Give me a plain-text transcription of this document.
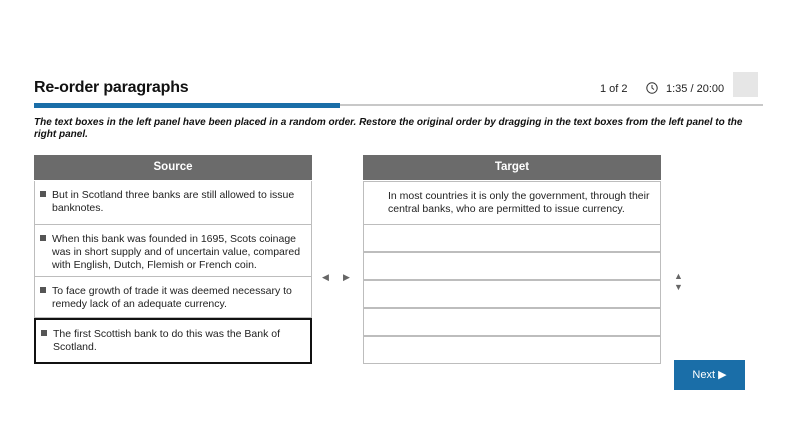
Re-order paragraphs	1 of 2	1:35 / 20:00
The text boxes in the left panel have been placed in a random order. Restore the original order by dragging in the text boxes from the left panel to the right panel.
Source
But in Scotland three banks are still allowed to issue banknotes.
When this bank was founded in 1695, Scots coinage was in short supply and of uncertain value, compared with English, Dutch, Flemish or French coin.
To face growth of trade it was deemed necessary to remedy lack of an adequate currency.
The first Scottish bank to do this was the Bank of Scotland.
◀ ▶
Target
In most countries it is only the government, through their central banks, who are permitted to issue currency.
▲
▼
Next ▶
